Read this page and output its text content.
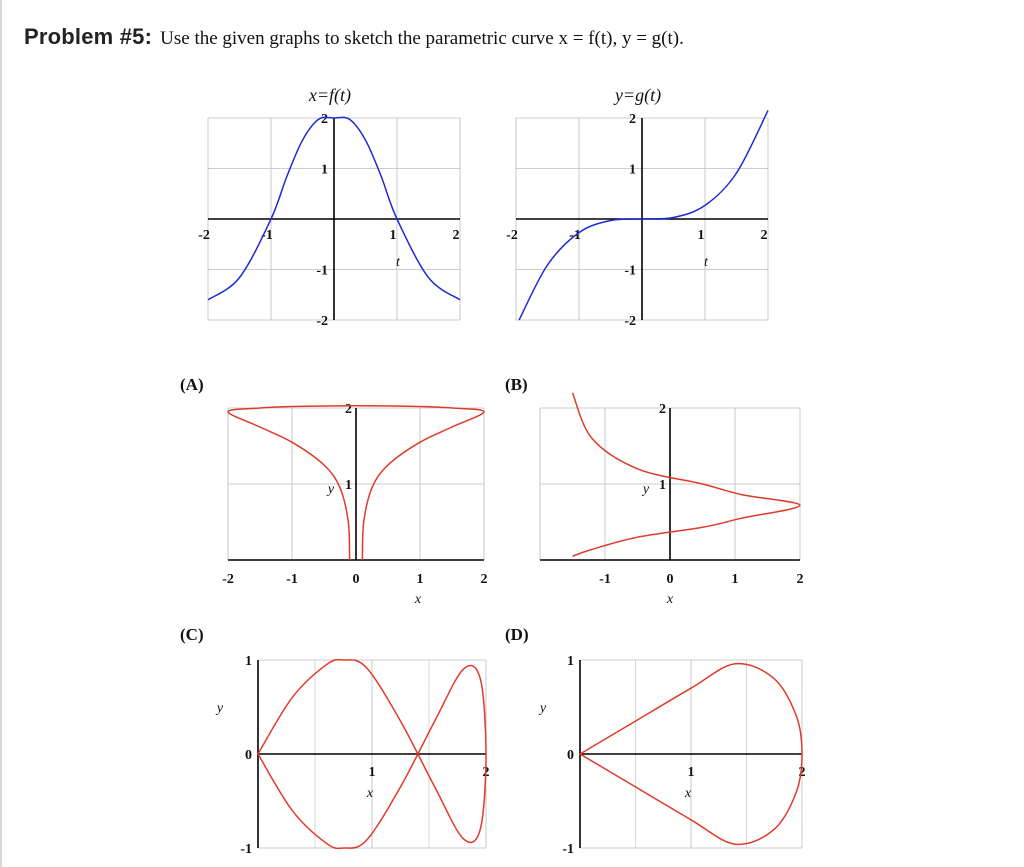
Problem #5: Use the given graphs to sketch the parametric curve x = f(t), y = g(t).
-2	-1	1	2
2
1
-1
-2
x=f(t)
t
-2	-1	1	2
2
1
-1
-2
y=g(t)
t
-2	-1	0	1	2
2
1
(A)
x
y
-1	0	1	2
2
1
(B)
x
y
1	2
1
0
-1
(C)
x
y
1	2
1
0
-1
(D)
x
y
